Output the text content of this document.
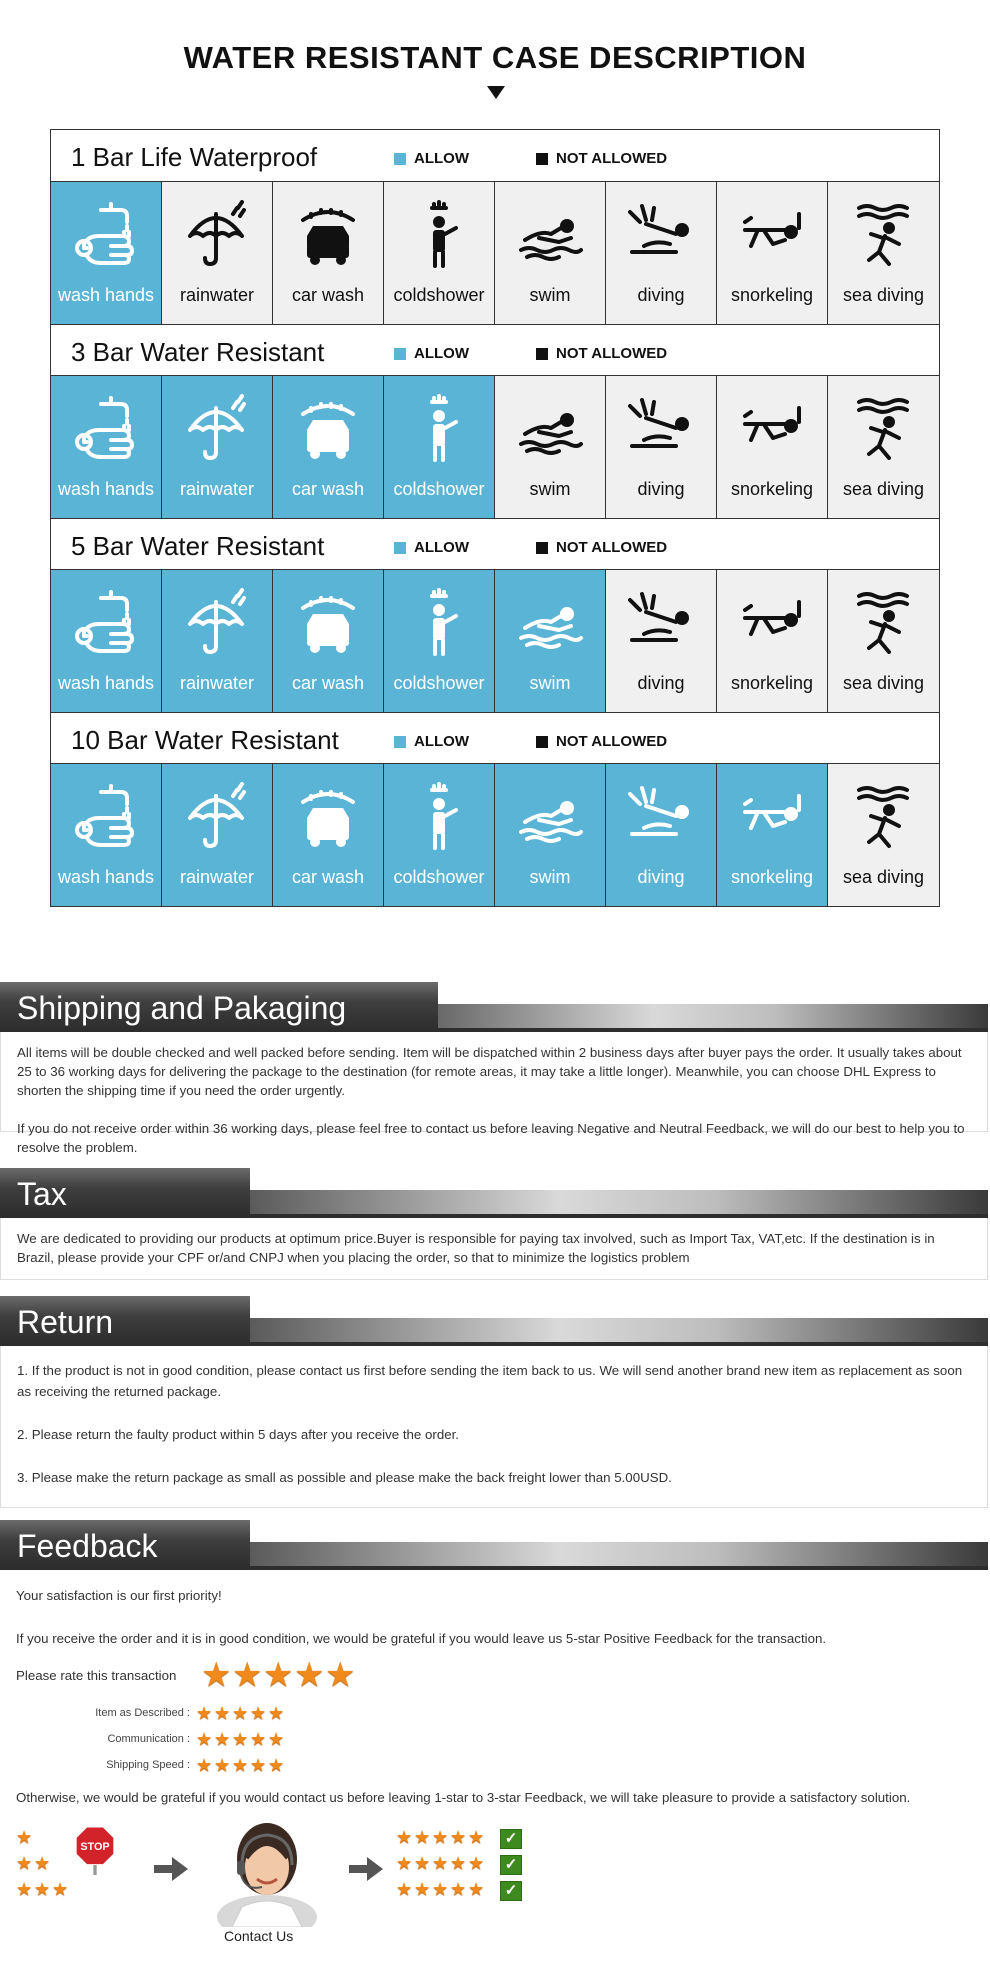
WATER RESISTANT CASE DESCRIPTION
1 Bar Life Waterproof	ALLOW	NOT ALLOWED
wash hands	rainwater	car wash	coldshower	swim	diving	snorkeling	sea diving
3 Bar Water Resistant	ALLOW	NOT ALLOWED
wash hands	rainwater	car wash	coldshower	swim	diving	snorkeling	sea diving
5 Bar Water Resistant	ALLOW	NOT ALLOWED
wash hands	rainwater	car wash	coldshower	swim	diving	snorkeling	sea diving
10 Bar Water Resistant	ALLOW	NOT ALLOWED
wash hands	rainwater	car wash	coldshower	swim	diving	snorkeling	sea diving
Shipping and Pakaging

All items will be double checked and well packed before sending. Item will be dispatched within 2 business days after buyer pays the order. It usually takes about 25 to 36 working days for delivering the package to the destination (for remote areas, it may take a little longer). Meanwhile, you can choose DHL Express to shorten the shipping time if you need the order urgently.

If you do not receive order within 36 working days, please feel free to contact us before leaving Negative and Neutral Feedback, we will do our best to help you to resolve the problem.

Tax

We are dedicated to providing our products at optimum price.Buyer is responsible for paying tax involved, such as Import Tax, VAT,etc. If the destination is in Brazil, please provide your CPF or/and CNPJ when you placing the order, so that to minimize the logistics problem

Return

1. If the product is not in good condition, please contact us first before sending the item back to us. We will send another brand new item as replacement as soon as receiving the returned package.

2. Please return the faulty product within 5 days after you receive the order.

3. Please make the return package as small as possible and please make the back freight lower than 5.00USD.

Feedback

Your satisfaction is our first priority!

If you receive the order and it is in good condition, we would be grateful if you would leave us 5-star Positive Feedback for the transaction.

Please rate this transaction ★ ★ ★ ★ ★
Item as Described : ★ ★ ★ ★ ★
Communication : ★ ★ ★ ★ ★
Shipping Speed : ★ ★ ★ ★ ★

Otherwise, we would be grateful if you would contact us before leaving 1-star to 3-star Feedback, we will take pleasure to provide a satisfactory solution.

★
★ ★
★ ★ ★
STOP
Contact Us
★ ★ ★ ★ ★
★ ★ ★ ★ ★
★ ★ ★ ★ ★
✓
✓
✓
